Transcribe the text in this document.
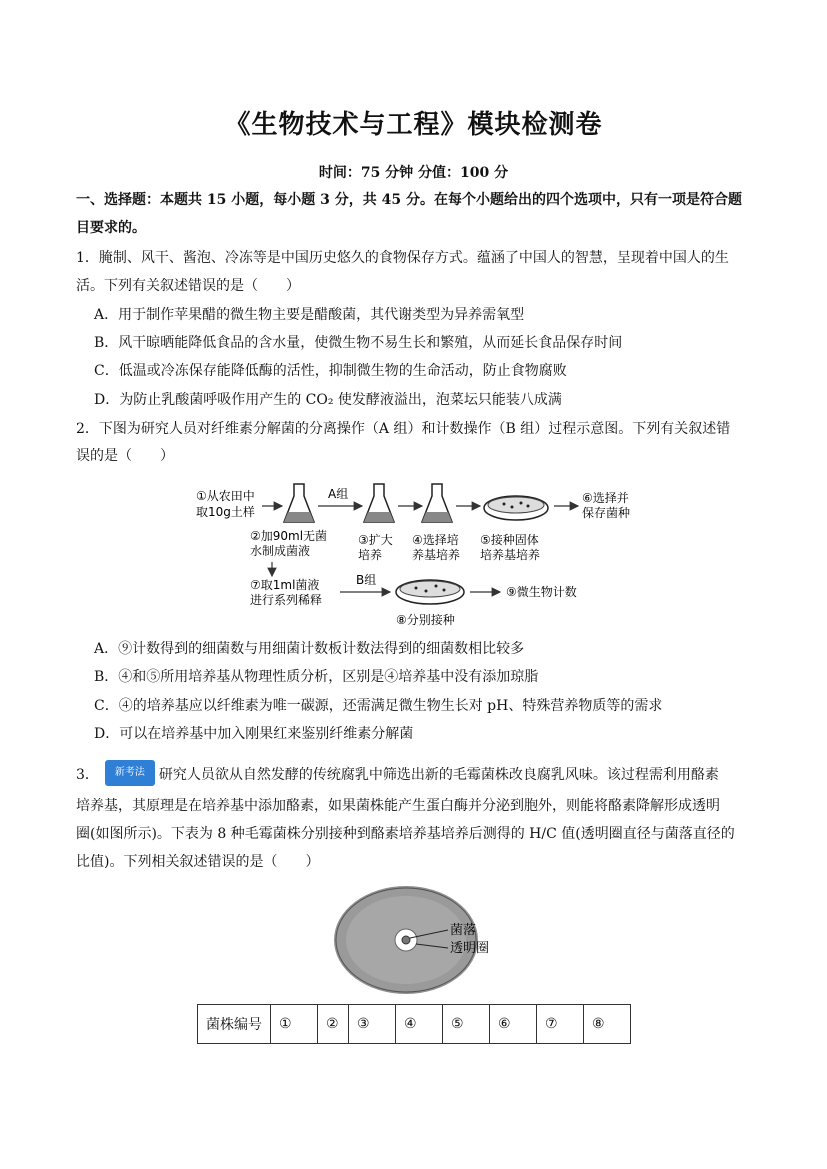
《生物技术与工程》模块检测卷
时间：75 分钟 分值：100 分
一、选择题：本题共 15 小题，每小题 3 分，共 45 分。在每个小题给出的四个选项中，只有一项是符合题
目要求的。
1．腌制、风干、酱泡、冷冻等是中国历史悠久的食物保存方式。蕴涵了中国人的智慧，呈现着中国人的生
活。下列有关叙述错误的是（　　）
A．用于制作苹果醋的微生物主要是醋酸菌，其代谢类型为异养需氧型
B．风干晾晒能降低食品的含水量，使微生物不易生长和繁殖，从而延长食品保存时间
C．低温或冷冻保存能降低酶的活性，抑制微生物的生命活动，防止食物腐败
D．为防止乳酸菌呼吸作用产生的 CO₂ 使发酵液溢出，泡菜坛只能装八成满
2．下图为研究人员对纤维素分解菌的分离操作（A 组）和计数操作（B 组）过程示意图。下列有关叙述错
误的是（　　）
①从农田中
取10g土样
A组	⑥选择并
保存菌种
②加90ml无菌
水制成菌液
③扩大
培养
④选择培
养基培养
⑤接种固体
培养基培养
⑦取1ml菌液
进行系列稀释
B组
⑨微生物计数
⑧分别接种
A．⑨计数得到的细菌数与用细菌计数板计数法得到的细菌数相比较多
B．④和⑤所用培养基从物理性质分析，区别是④培养基中没有添加琼脂
C．④的培养基应以纤维素为唯一碳源，还需满足微生物生长对 pH、特殊营养物质等的需求
D．可以在培养基中加入刚果红来鉴别纤维素分解菌
3． 新考法 研究人员欲从自然发酵的传统腐乳中筛选出新的毛霉菌株改良腐乳风味。该过程需利用酪素
培养基，其原理是在培养基中添加酪素，如果菌株能产生蛋白酶并分泌到胞外，则能将酪素降解形成透明
圈(如图所示)。下表为 8 种毛霉菌株分别接种到酪素培养基培养后测得的 H/C 值(透明圈直径与菌落直径的
比值)。下列相关叙述错误的是（　　）
菌落
透明圈
菌株编号	①	②	③	④	⑤	⑥	⑦	⑧
